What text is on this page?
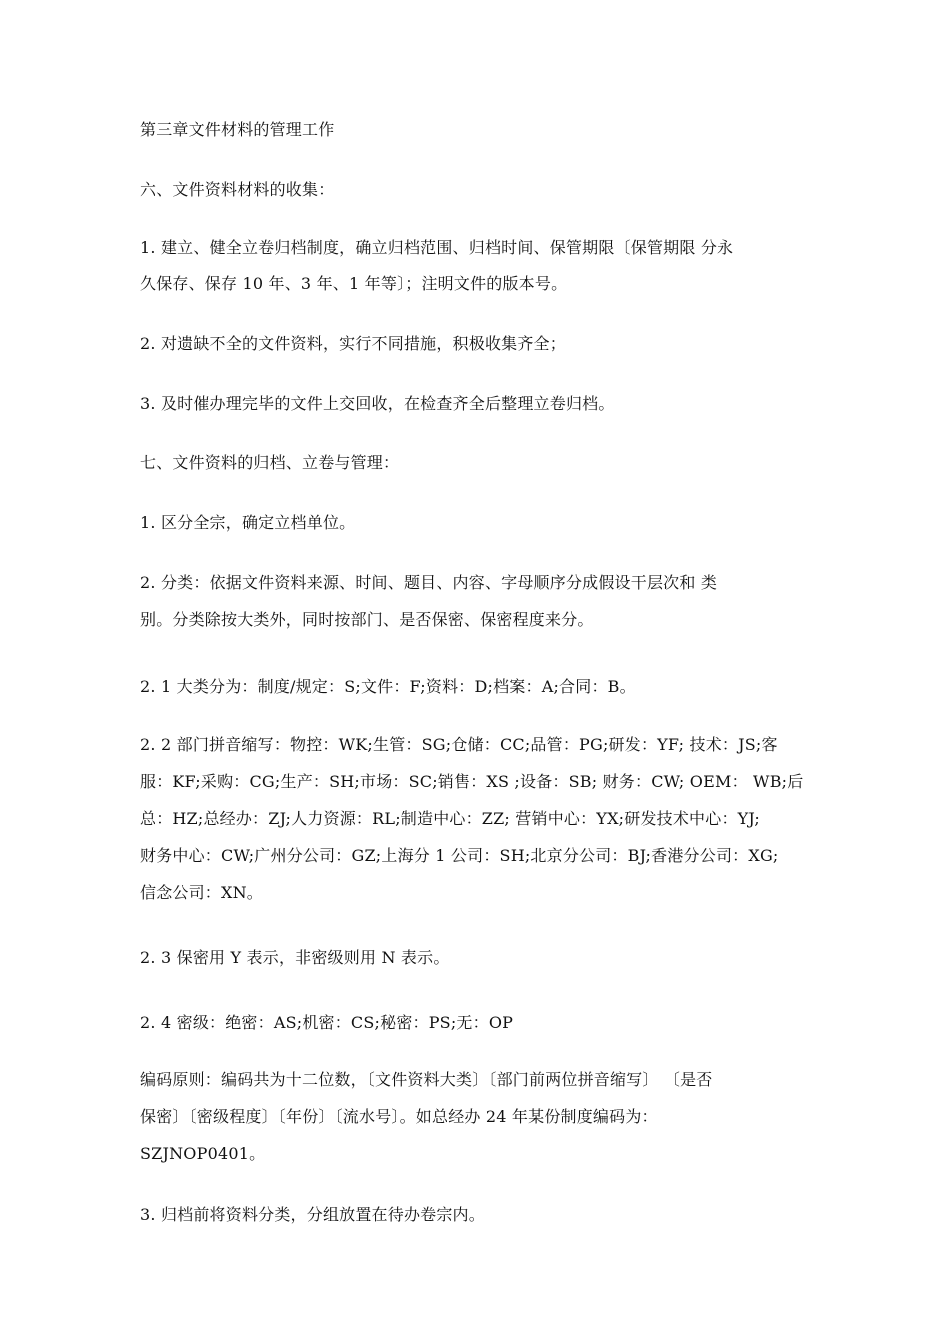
第三章文件材料的管理工作
六、文件资料材料的收集：
1. 建立、健全立卷归档制度，确立归档范围、归档时间、保管期限〔保管期限 分永
久保存、保存 10 年、3 年、1 年等〕；注明文件的版本号。
2. 对遗缺不全的文件资料，实行不同措施，积极收集齐全；
3. 及时催办理完毕的文件上交回收，在检查齐全后整理立卷归档。
七、文件资料的归档、立卷与管理：
1. 区分全宗，确定立档单位。
2. 分类：依据文件资料来源、时间、题目、内容、字母顺序分成假设干层次和 类
别。分类除按大类外，同时按部门、是否保密、保密程度来分。
2. 1 大类分为：制度/规定：S;文件：F;资料：D;档案：A;合同：B。
2. 2 部门拼音缩写：物控：WK;生管：SG;仓储：CC;品管：PG;研发：YF; 技术：JS;客
服：KF;采购：CG;生产：SH;市场：SC;销售：XS ;设备：SB; 财务：CW; OEM： WB;后
总：HZ;总经办：ZJ;人力资源：RL;制造中心：ZZ; 营销中心：YX;研发技术中心：YJ;
财务中心：CW;广州分公司：GZ;上海分 1 公司：SH;北京分公司：BJ;香港分公司：XG;
信念公司：XN。
2. 3 保密用 Y 表示，非密级则用 N 表示。
2. 4 密级：绝密：AS;机密：CS;秘密：PS;无：OP
编码原则：编码共为十二位数，〔文件资料大类〕〔部门前两位拼音缩写〕 〔是否
保密〕〔密级程度〕〔年份〕〔流水号〕。如总经办 24 年某份制度编码为：
SZJNOP0401。
3. 归档前将资料分类，分组放置在待办卷宗内。
